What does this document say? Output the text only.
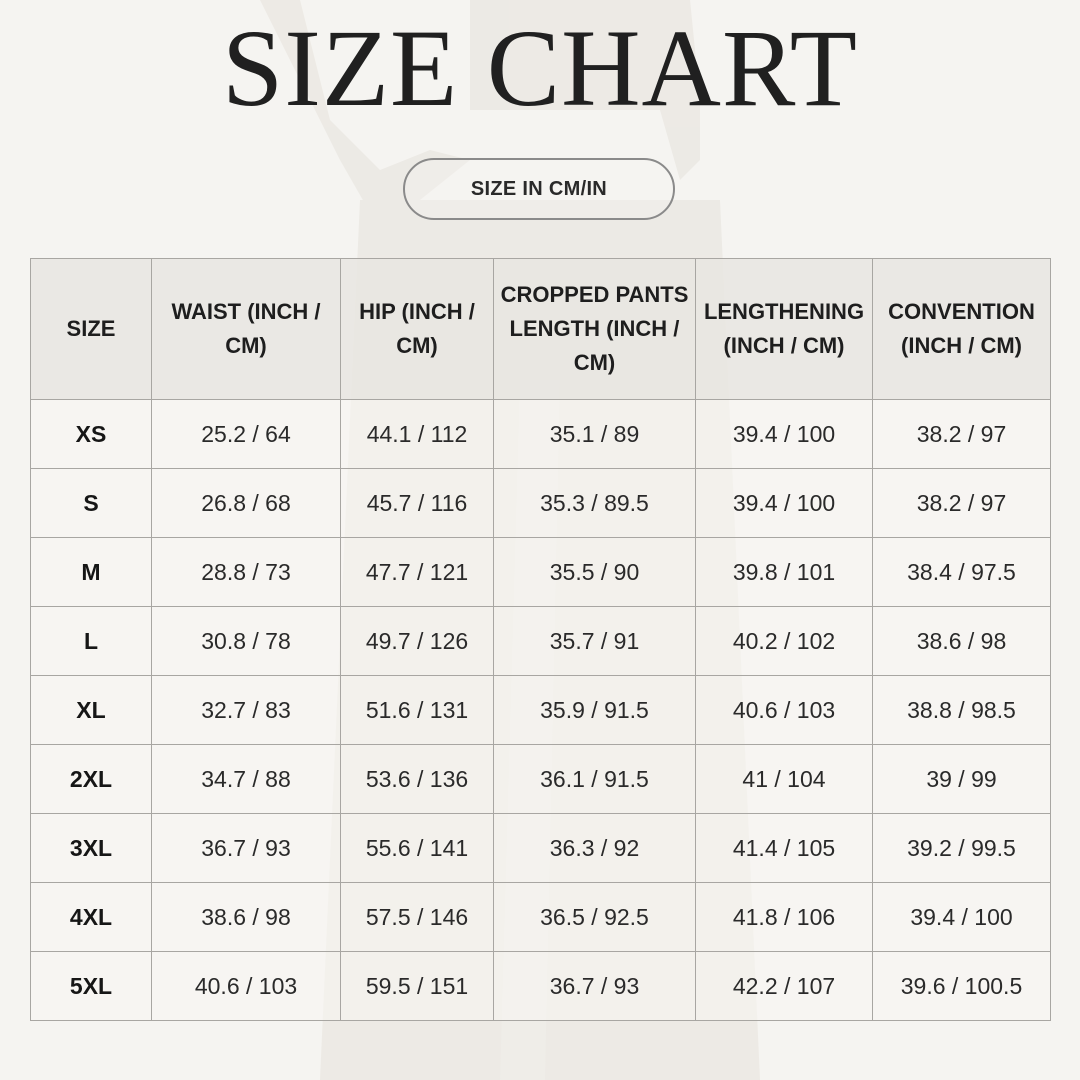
SIZE CHART
SIZE IN CM/IN
SIZE	WAIST (INCH / CM)	HIP (INCH / CM)	CROPPED PANTS LENGTH (INCH / CM)	LENGTHENING (INCH / CM)	CONVENTION (INCH / CM)
XS	25.2 / 64	44.1 / 112	35.1 / 89	39.4 / 100	38.2 / 97
S	26.8 / 68	45.7 / 116	35.3 / 89.5	39.4 / 100	38.2 / 97
M	28.8 / 73	47.7 / 121	35.5 / 90	39.8 / 101	38.4 / 97.5
L	30.8 / 78	49.7 / 126	35.7 / 91	40.2 / 102	38.6 / 98
XL	32.7 / 83	51.6 / 131	35.9 / 91.5	40.6 / 103	38.8 / 98.5
2XL	34.7 / 88	53.6 / 136	36.1 / 91.5	41 / 104	39 / 99
3XL	36.7 / 93	55.6 / 141	36.3 / 92	41.4 / 105	39.2 / 99.5
4XL	38.6 / 98	57.5 / 146	36.5 / 92.5	41.8 / 106	39.4 / 100
5XL	40.6 / 103	59.5 / 151	36.7 / 93	42.2 / 107	39.6 / 100.5
